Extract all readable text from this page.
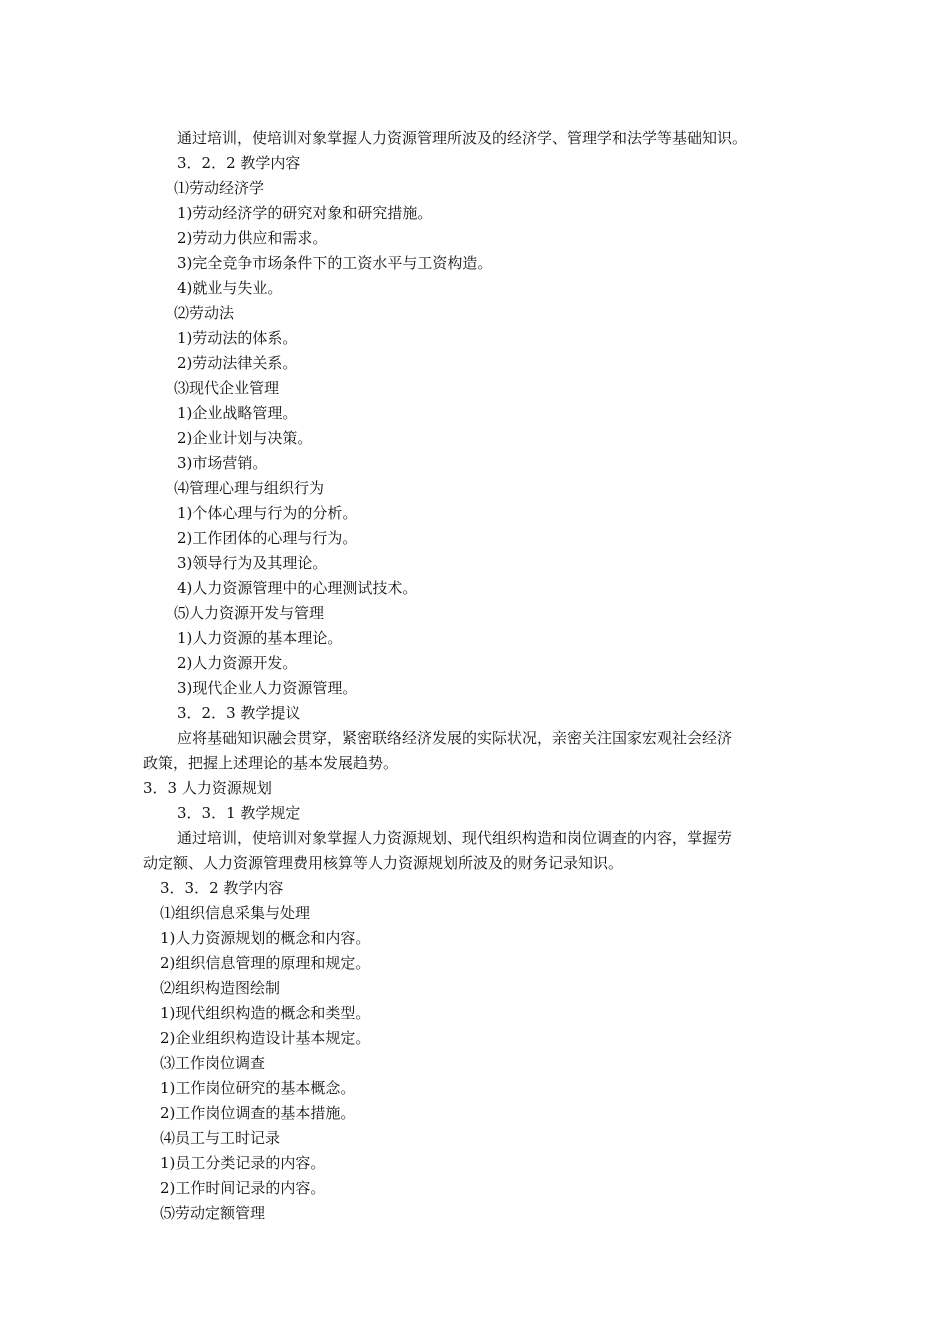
通过培训，使培训对象掌握人力资源管理所波及的经济学、管理学和法学等基础知识。
3．2．2 教学内容
⑴劳动经济学
1)劳动经济学的研究对象和研究措施。
2)劳动力供应和需求。
3)完全竞争市场条件下的工资水平与工资构造。
4)就业与失业。
⑵劳动法
1)劳动法的体系。
2)劳动法律关系。
⑶现代企业管理
1)企业战略管理。
2)企业计划与决策。
3)市场营销。
⑷管理心理与组织行为
1)个体心理与行为的分析。
2)工作团体的心理与行为。
3)领导行为及其理论。
4)人力资源管理中的心理测试技术。
⑸人力资源开发与管理
1)人力资源的基本理论。
2)人力资源开发。
3)现代企业人力资源管理。
3．2．3 教学提议
应将基础知识融会贯穿，紧密联络经济发展的实际状况，亲密关注国家宏观社会经济
政策，把握上述理论的基本发展趋势。
3．3 人力资源规划
3．3．1 教学规定
通过培训，使培训对象掌握人力资源规划、现代组织构造和岗位调查的内容，掌握劳
动定额、人力资源管理费用核算等人力资源规划所波及的财务记录知识。
3．3．2 教学内容
⑴组织信息采集与处理
1)人力资源规划的概念和内容。
2)组织信息管理的原理和规定。
⑵组织构造图绘制
1)现代组织构造的概念和类型。
2)企业组织构造设计基本规定。
⑶工作岗位调查
1)工作岗位研究的基本概念。
2)工作岗位调查的基本措施。
⑷员工与工时记录
1)员工分类记录的内容。
2)工作时间记录的内容。
⑸劳动定额管理
